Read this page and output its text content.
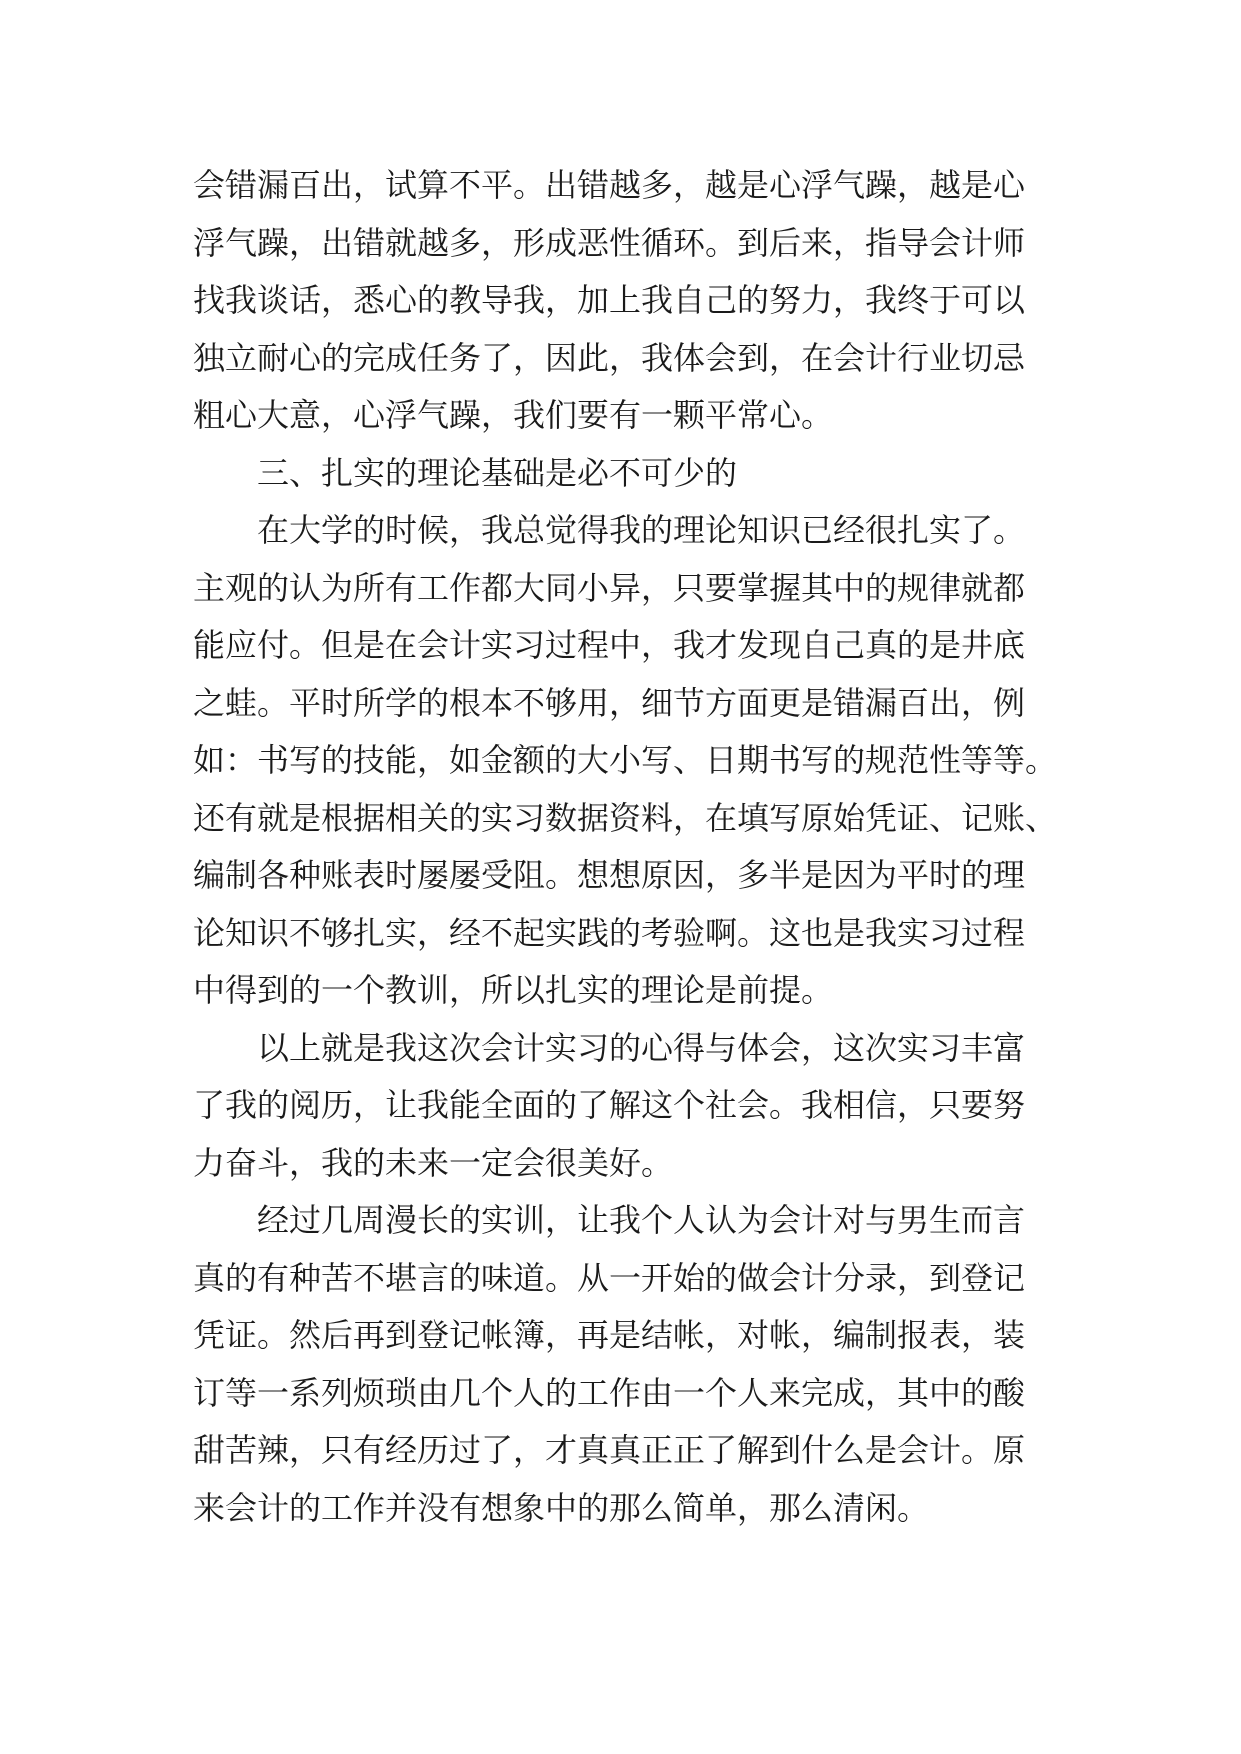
会错漏百出，试算不平。出错越多，越是心浮气躁，越是心
浮气躁，出错就越多，形成恶性循环。到后来，指导会计师
找我谈话，悉心的教导我，加上我自己的努力，我终于可以
独立耐心的完成任务了，因此，我体会到，在会计行业切忌
粗心大意，心浮气躁，我们要有一颗平常心。
三、扎实的理论基础是必不可少的
在大学的时候，我总觉得我的理论知识已经很扎实了。
主观的认为所有工作都大同小异，只要掌握其中的规律就都
能应付。但是在会计实习过程中，我才发现自己真的是井底
之蛙。平时所学的根本不够用，细节方面更是错漏百出，例
如：书写的技能，如金额的大小写、日期书写的规范性等等。
还有就是根据相关的实习数据资料，在填写原始凭证、记账、
编制各种账表时屡屡受阻。想想原因，多半是因为平时的理
论知识不够扎实，经不起实践的考验啊。这也是我实习过程
中得到的一个教训，所以扎实的理论是前提。
以上就是我这次会计实习的心得与体会，这次实习丰富
了我的阅历，让我能全面的了解这个社会。我相信，只要努
力奋斗，我的未来一定会很美好。
经过几周漫长的实训，让我个人认为会计对与男生而言
真的有种苦不堪言的味道。从一开始的做会计分录，到登记
凭证。然后再到登记帐簿，再是结帐，对帐，编制报表，装
订等一系列烦琐由几个人的工作由一个人来完成，其中的酸
甜苦辣，只有经历过了，才真真正正了解到什么是会计。原
来会计的工作并没有想象中的那么简单，那么清闲。
